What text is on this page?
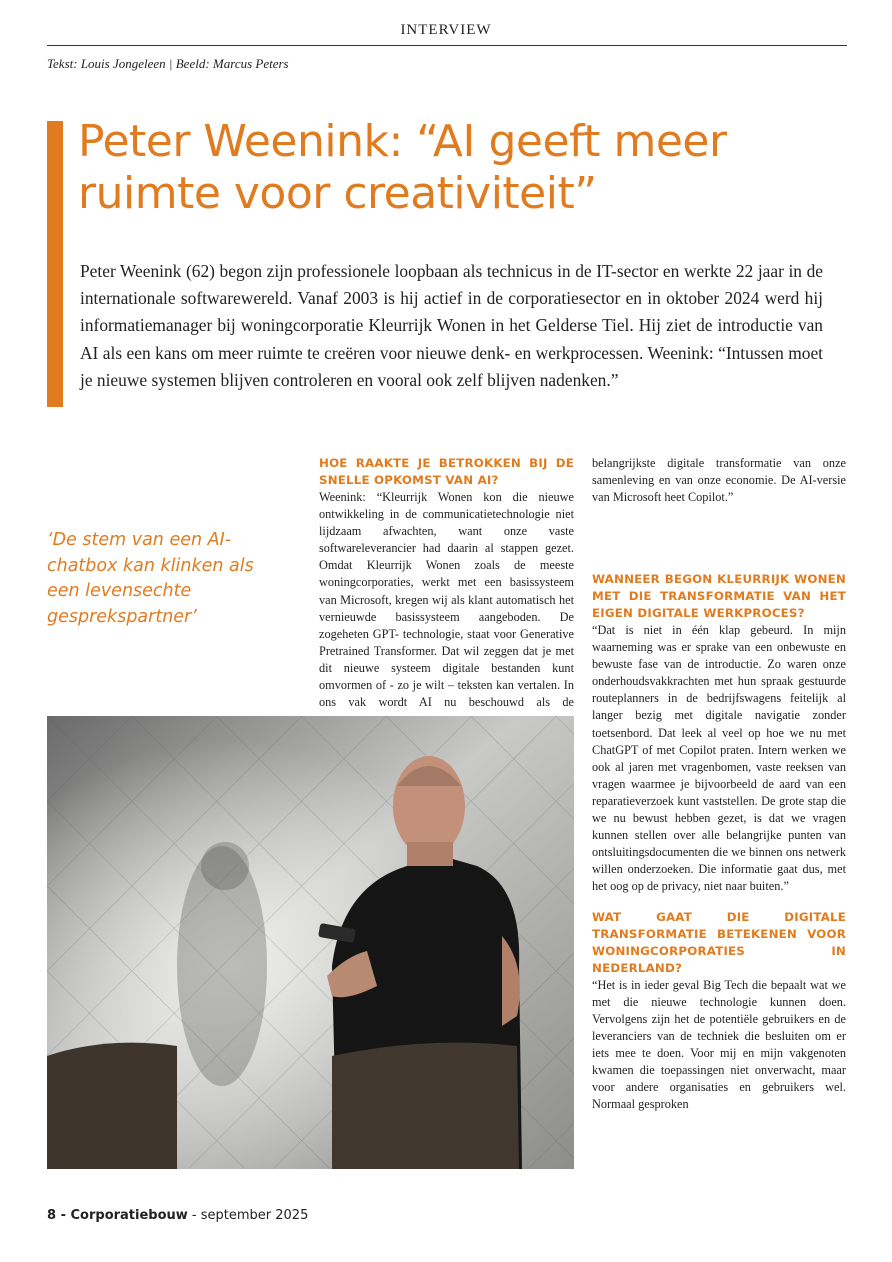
INTERVIEW
Tekst: Louis Jongeleen | Beeld: Marcus Peters
Peter Weenink: “AI geeft meer
ruimte voor creativiteit”

Peter Weenink (62) begon zijn professionele loopbaan als technicus in de IT-sector en werkte 22 jaar in de internationale softwarewereld. Vanaf 2003 is hij actief in de corporatiesector en in oktober 2024 werd hij informatiemanager bij woningcorporatie Kleurrijk Wonen in het Gelderse Tiel. Hij ziet de introductie van AI als een kans om meer ruimte te creëren voor nieuwe denk- en werkprocessen. Weenink: “Intussen moet je nieuwe systemen blijven controleren en vooral ook zelf blijven nadenken.”

‘De stem van een AI-chatbox kan klinken als een levensechte gesprekspartner’

HOE RAAKTE JE BETROKKEN BIJ DE SNELLE OPKOMST VAN AI?

Weenink: “Kleurrijk Wonen kon die nieuwe ontwikkeling in de communicatietechnologie niet lijdzaam afwachten, want onze vaste softwareleverancier had daarin al stappen gezet. Omdat Kleurrijk Wonen zoals de meeste woningcorporaties, werkt met een basissysteem van Microsoft, kregen wij als klant automatisch het vernieuwde basissysteem aangeboden. De zogeheten GPT- technologie, staat voor Generative Pretrained Transformer. Dat wil zeggen dat je met dit nieuwe systeem digitale bestanden kunt omvormen of - zo je wilt – teksten kan vertalen. In ons vak wordt AI nu beschouwd als de

belangrijkste digitale transformatie van onze samenleving en van onze economie. De AI-versie van Microsoft heet Copilot.”

WANNEER BEGON KLEURRIJK WONEN MET DIE TRANSFORMATIE VAN HET EIGEN DIGITALE WERKPROCES?

“Dat is niet in één klap gebeurd. In mijn waarneming was er sprake van een onbewuste en bewuste fase van de introductie. Zo waren onze onderhoudsvakkrachten met hun spraak gestuurde routeplanners in de bedrijfswagens feitelijk al langer bezig met digitale navigatie zonder toetsenbord. Dat leek al veel op hoe we nu met ChatGPT of met Copilot praten. Intern werken we ook al jaren met vragenbomen, vaste reeksen van vragen waarmee je bijvoorbeeld de aard van een reparatieverzoek kunt vaststellen. De grote stap die we nu bewust hebben gezet, is dat we vragen kunnen stellen over alle belangrijke punten van ontsluitingsdocumenten die we binnen ons netwerk willen onderzoeken. Die informatie gaat dus, met het oog op de privacy, niet naar buiten.”

WAT GAAT DIE DIGITALE TRANSFORMATIE BETEKENEN VOOR WONINGCORPORATIES IN NEDERLAND?

“Het is in ieder geval Big Tech die bepaalt wat we met die nieuwe technologie kunnen doen. Vervolgens zijn het de potentiële gebruikers en de leveranciers van de techniek die besluiten om er iets mee te doen. Voor mij en mijn vakgenoten kwamen die toepassingen niet onverwacht, maar voor andere organisaties en gebruikers wel. Normaal gesproken

8 - Corporatiebouw - september 2025
